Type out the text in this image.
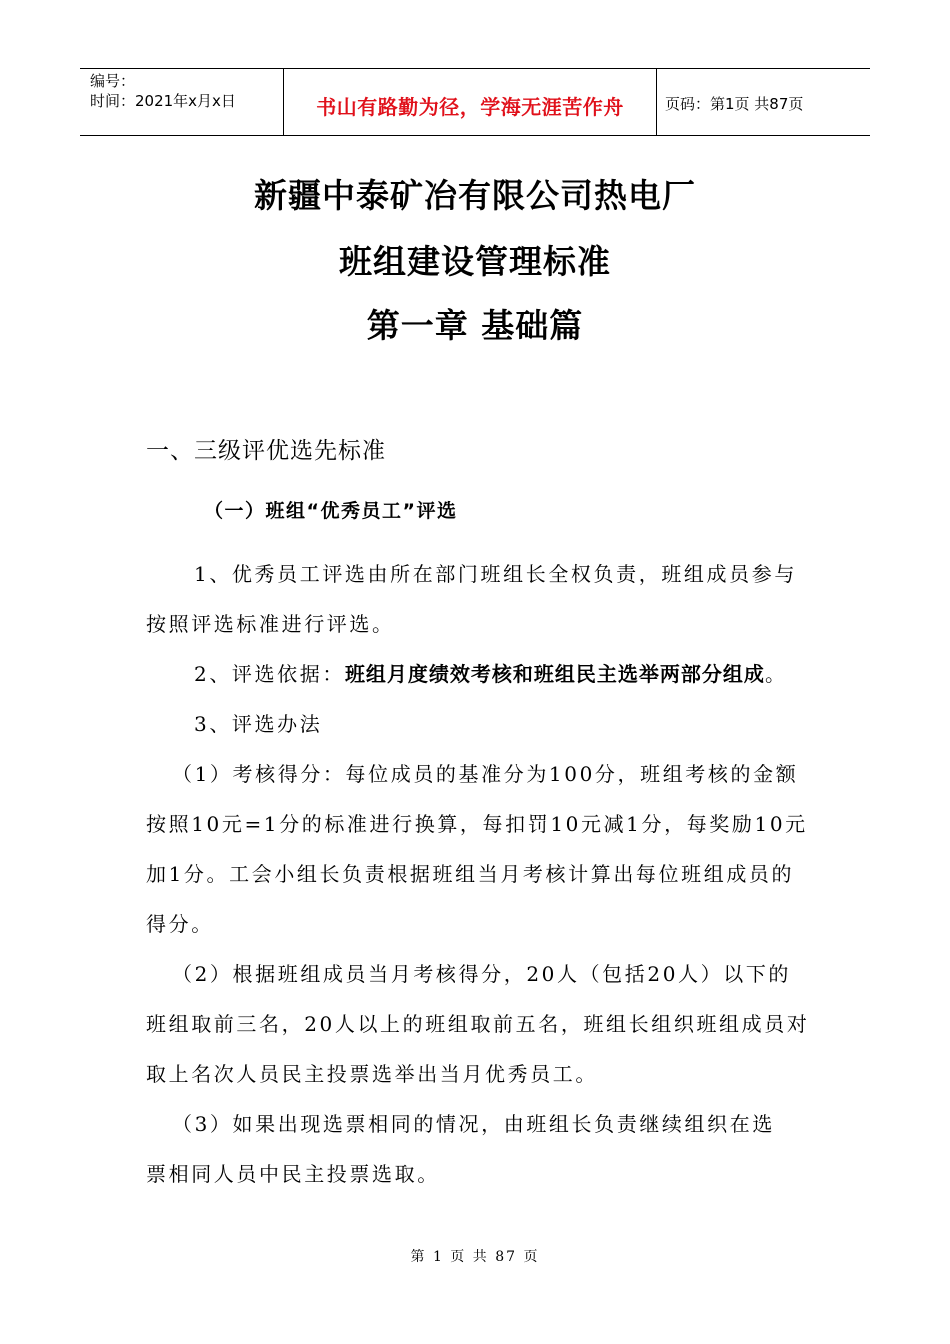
编号：
时间：2021年x月x日	书山有路勤为径，学海无涯苦作舟	页码：第1页 共87页
新疆中泰矿冶有限公司热电厂
班组建设管理标准
第一章 基础篇
一、三级评优选先标准
（一）班组“优秀员工”评选
1、优秀员工评选由所在部门班组长全权负责，班组成员参与
按照评选标准进行评选。
2、评选依据：班组月度绩效考核和班组民主选举两部分组成。
3、评选办法
（1）考核得分：每位成员的基准分为100分，班组考核的金额
按照10元=1分的标准进行换算，每扣罚10元减1分，每奖励10元
加1分。工会小组长负责根据班组当月考核计算出每位班组成员的
得分。
（2）根据班组成员当月考核得分，20人（包括20人）以下的
班组取前三名，20人以上的班组取前五名，班组长组织班组成员对
取上名次人员民主投票选举出当月优秀员工。
（3）如果出现选票相同的情况，由班组长负责继续组织在选
票相同人员中民主投票选取。
第 1 页 共 87 页
